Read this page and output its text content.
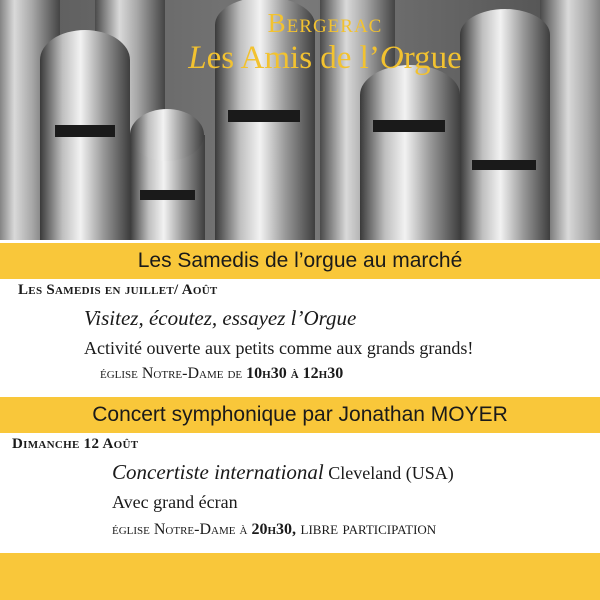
Bergerac
Les Amis de l’Orgue
Les Samedis de l’orgue au marché
Les Samedis en juillet/ Août
Visitez, écoutez, essayez l’Orgue
Activité ouverte aux petits comme aux grands grands!
église Notre-Dame de 10h30 à 12h30
Concert symphonique par Jonathan MOYER
Dimanche 12 Août
Concertiste international Cleveland (USA)
Avec grand écran
église Notre-Dame à 20h30, libre participation
